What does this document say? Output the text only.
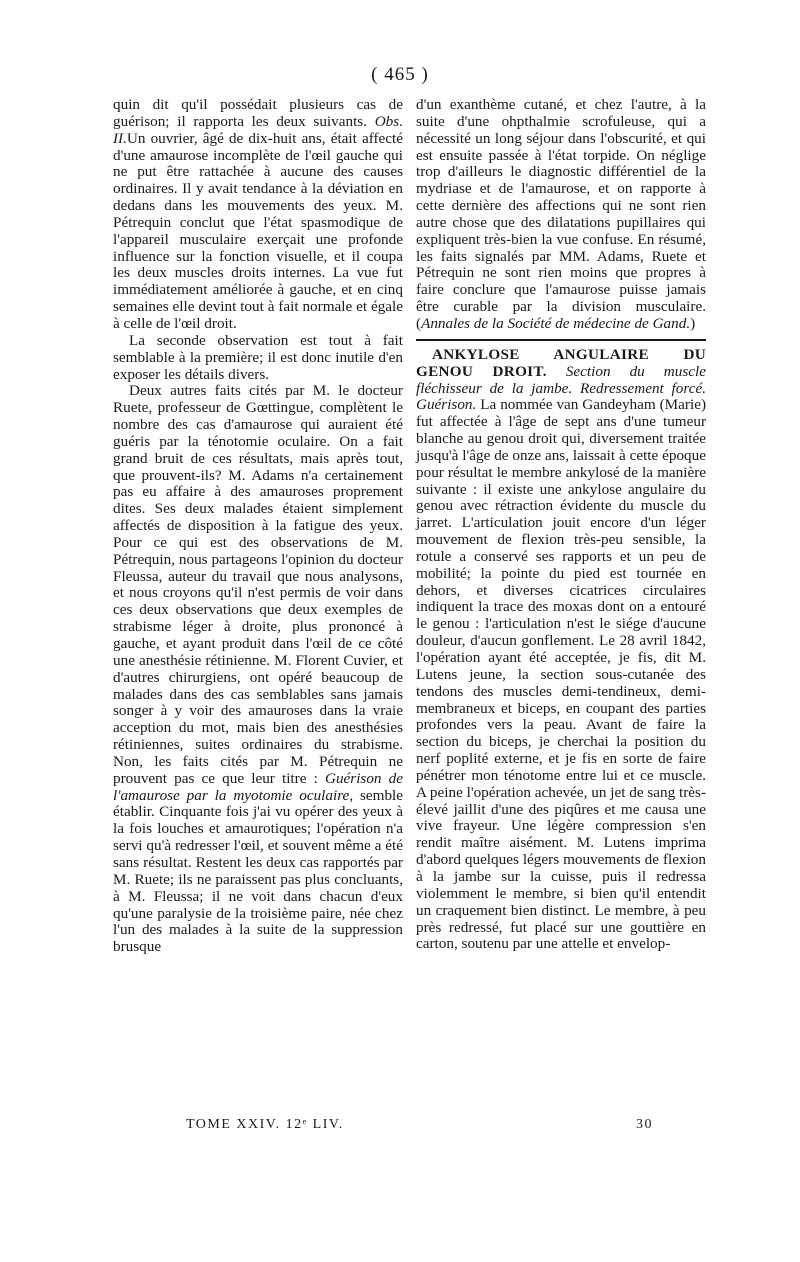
( 465 )

quin dit qu'il possédait plusieurs cas de guérison; il rapporta les deux suivants. Obs. II.Un ouvrier, âgé de dix-huit ans, était affecté d'une amaurose incomplète de l'œil gauche qui ne put être rattachée à aucune des causes ordinaires. Il y avait tendance à la déviation en dedans dans les mouvements des yeux. M. Pétrequin conclut que l'état spasmodique de l'appareil musculaire exerçait une profonde influence sur la fonction visuelle, et il coupa les deux muscles droits internes. La vue fut immédiatement améliorée à gauche, et en cinq semaines elle devint tout à fait normale et égale à celle de l'œil droit.

La seconde observation est tout à fait semblable à la première; il est donc inutile d'en exposer les détails divers.

Deux autres faits cités par M. le docteur Ruete, professeur de Gœttingue, complètent le nombre des cas d'amaurose qui auraient été guéris par la ténotomie oculaire. On a fait grand bruit de ces résultats, mais après tout, que prouvent-ils? M. Adams n'a certainement pas eu affaire à des amauroses proprement dites. Ses deux malades étaient simplement affectés de disposition à la fatigue des yeux. Pour ce qui est des observations de M. Pétrequin, nous partageons l'opinion du docteur Fleussa, auteur du travail que nous analysons, et nous croyons qu'il n'est permis de voir dans ces deux observations que deux exemples de strabisme léger à droite, plus prononcé à gauche, et ayant produit dans l'œil de ce côté une anesthésie rétinienne. M. Florent Cuvier, et d'autres chirurgiens, ont opéré beaucoup de malades dans des cas semblables sans jamais songer à y voir des amauroses dans la vraie acception du mot, mais bien des anesthésies rétiniennes, suites ordinaires du strabisme. Non, les faits cités par M. Pétrequin ne prouvent pas ce que leur titre : Guérison de l'amaurose par la myotomie oculaire, semble établir. Cinquante fois j'ai vu opérer des yeux à la fois louches et amaurotiques; l'opération n'a servi qu'à redresser l'œil, et souvent même a été sans résultat. Restent les deux cas rapportés par M. Ruete; ils ne paraissent pas plus concluants, à M. Fleussa; il ne voit dans chacun d'eux qu'une paralysie de la troisième paire, née chez l'un des malades à la suite de la suppression brusque

d'un exanthème cutané, et chez l'autre, à la suite d'une ohpthalmie scrofuleuse, qui a nécessité un long séjour dans l'obscurité, et qui est ensuite passée à l'état torpide. On néglige trop d'ailleurs le diagnostic différentiel de la mydriase et de l'amaurose, et on rapporte à cette dernière des affections qui ne sont rien autre chose que des dilatations pupillaires qui expliquent très-bien la vue confuse. En résumé, les faits signalés par MM. Adams, Ruete et Pétrequin ne sont rien moins que propres à faire conclure que l'amaurose puisse jamais être curable par la division musculaire. (Annales de la Société de médecine de Gand.)

ANKYLOSE ANGULAIRE DU GENOU DROIT. Section du muscle fléchisseur de la jambe. Redressement forcé. Guérison. La nommée van Gandeyham (Marie) fut affectée à l'âge de sept ans d'une tumeur blanche au genou droit qui, diversement traitée jusqu'à l'âge de onze ans, laissait à cette époque pour résultat le membre ankylosé de la manière suivante : il existe une ankylose angulaire du genou avec rétraction évidente du muscle du jarret. L'articulation jouit encore d'un léger mouvement de flexion très-peu sensible, la rotule a conservé ses rapports et un peu de mobilité; la pointe du pied est tournée en dehors, et diverses cicatrices circulaires indiquent la trace des moxas dont on a entouré le genou : l'articulation n'est le siége d'aucune douleur, d'aucun gonflement. Le 28 avril 1842, l'opération ayant été acceptée, je fis, dit M. Lutens jeune, la section sous-cutanée des tendons des muscles demi-tendineux, demi-membraneux et biceps, en coupant des parties profondes vers la peau. Avant de faire la section du biceps, je cherchai la position du nerf poplité externe, et je fis en sorte de faire pénétrer mon ténotome entre lui et ce muscle. A peine l'opération achevée, un jet de sang très-élevé jaillit d'une des piqûres et me causa une vive frayeur. Une légère compression s'en rendit maître aisément. M. Lutens imprima d'abord quelques légers mouvements de flexion à la jambe sur la cuisse, puis il redressa violemment le membre, si bien qu'il entendit un craquement bien distinct. Le membre, à peu près redressé, fut placé sur une gouttière en carton, soutenu par une attelle et envelop-

TOME XXIV. 12ᵉ LIV.	30
